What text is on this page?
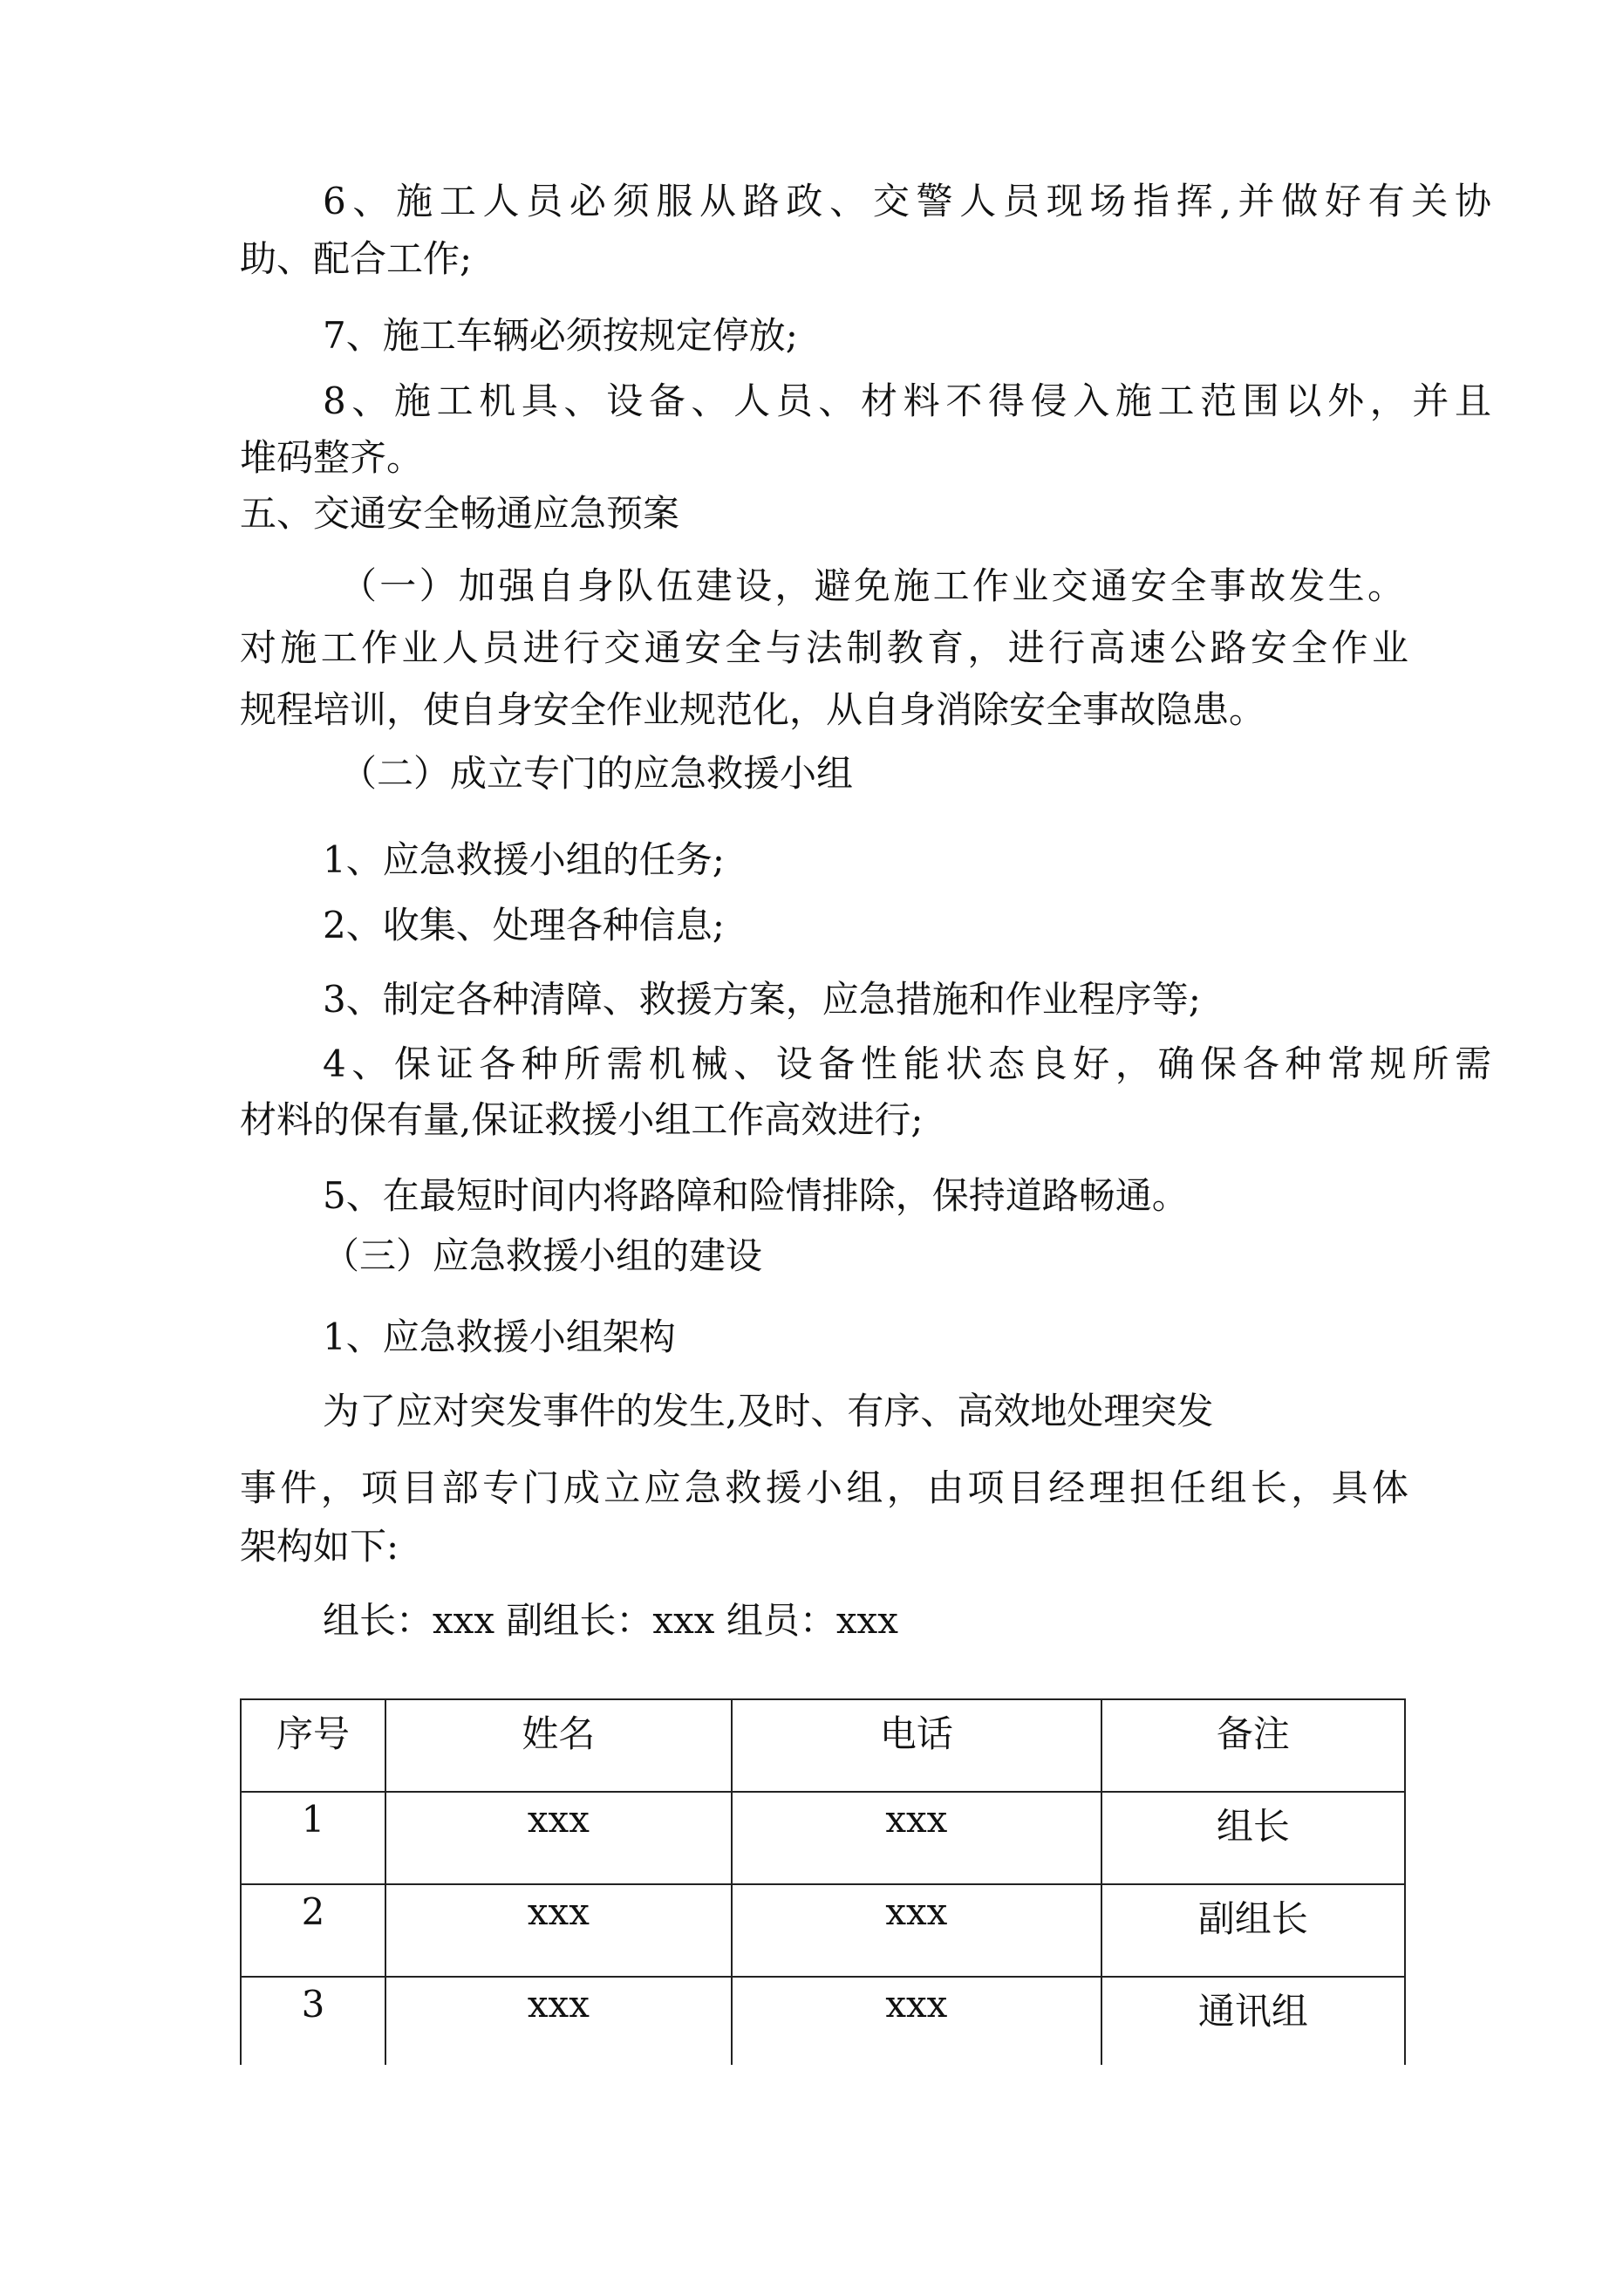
6、施工人员必须服从路政、交警人员现场指挥,并做好有关协
助、配合工作;
7、施工车辆必须按规定停放;
8、施工机具、设备、人员、材料不得侵入施工范围以外，并且
堆码整齐。
五、交通安全畅通应急预案
（一）加强自身队伍建设，避免施工作业交通安全事故发生。
对施工作业人员进行交通安全与法制教育，进行高速公路安全作业
规程培训，使自身安全作业规范化，从自身消除安全事故隐患。
（二）成立专门的应急救援小组
1、应急救援小组的任务;
2、收集、处理各种信息;
3、制定各种清障、救援方案，应急措施和作业程序等;
4、保证各种所需机械、设备性能状态良好，确保各种常规所需
材料的保有量,保证救援小组工作高效进行;
5、在最短时间内将路障和险情排除，保持道路畅通。
（三）应急救援小组的建设
1、应急救援小组架构
为了应对突发事件的发生,及时、有序、高效地处理突发
事件，项目部专门成立应急救援小组，由项目经理担任组长，具体
架构如下:
组长：xxx 副组长：xxx 组员：xxx
序号	姓名	电话	备注
1	xxx	xxx	组长
2	xxx	xxx	副组长
3	xxx	xxx	通讯组
